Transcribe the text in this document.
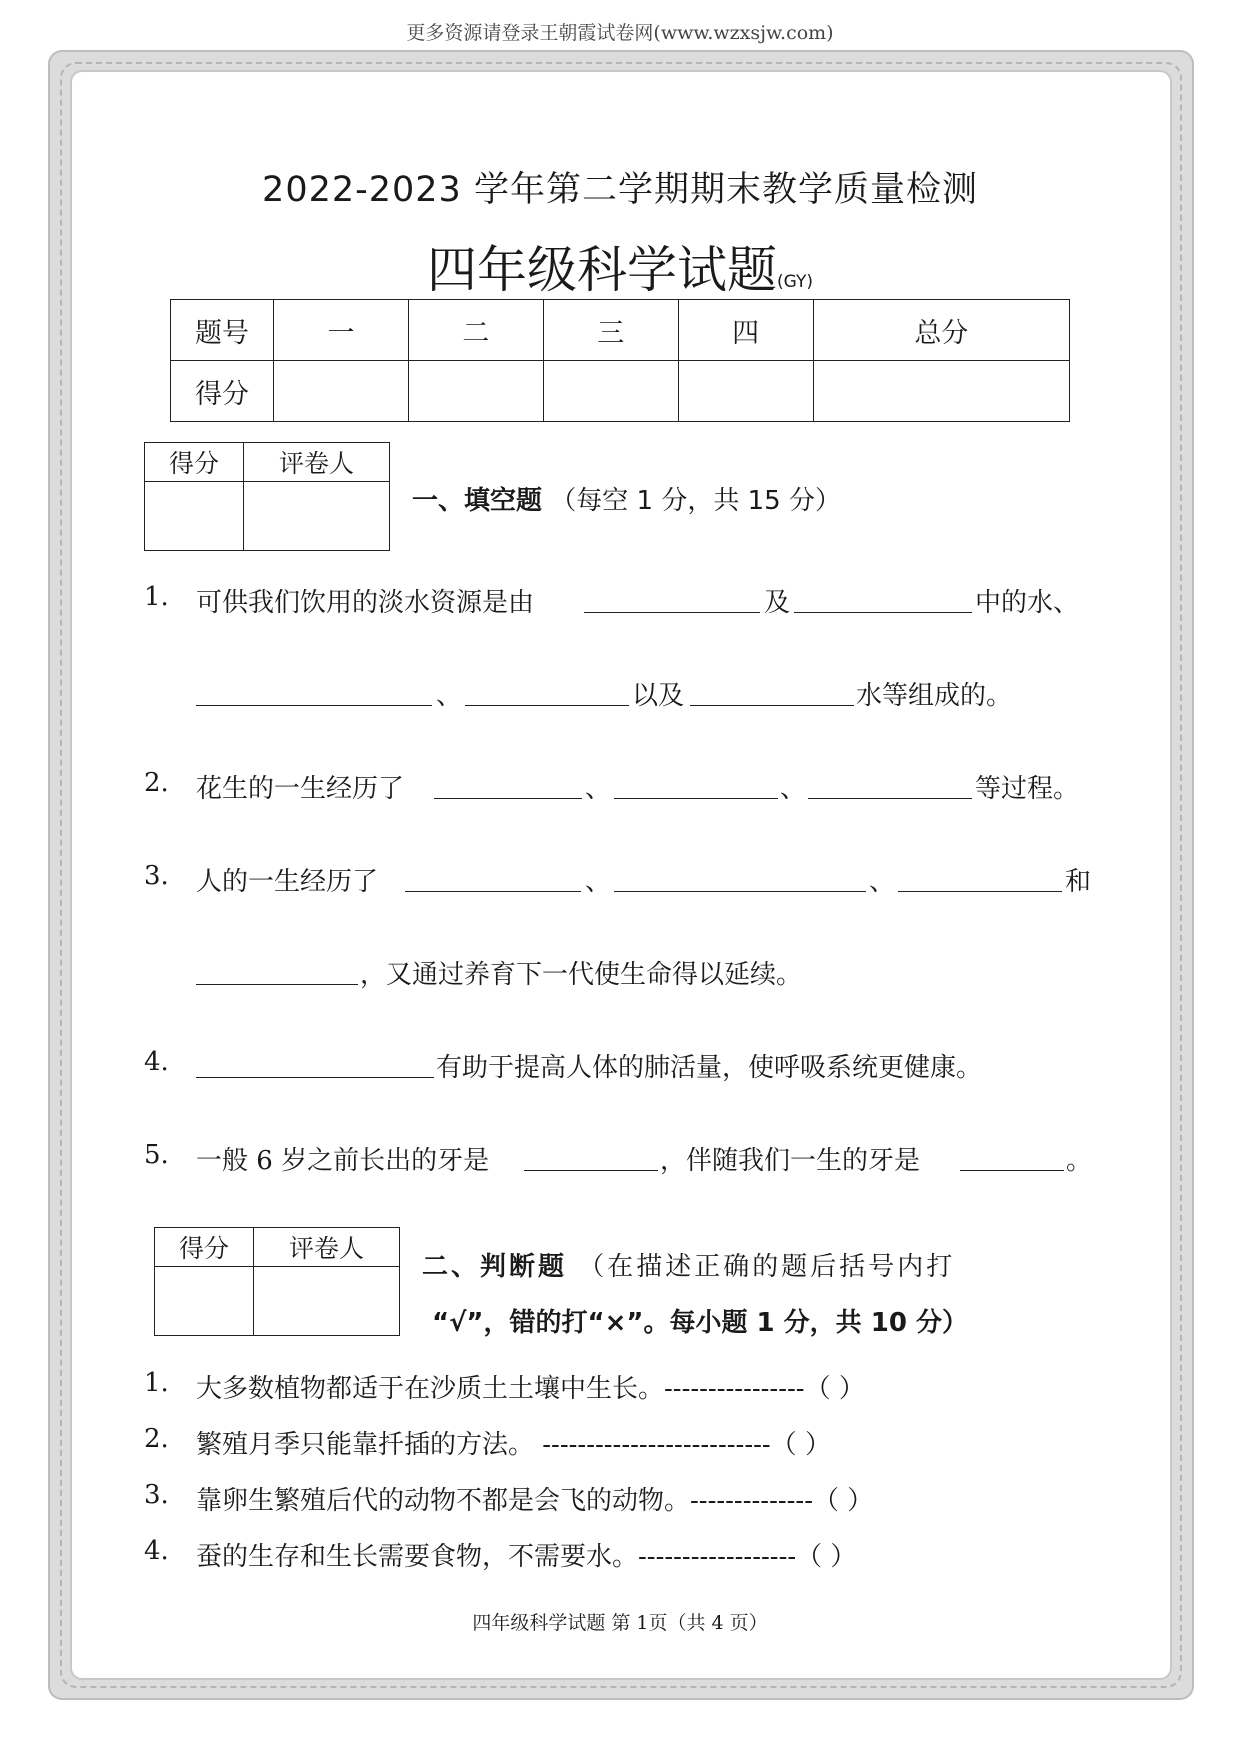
更多资源请登录王朝霞试卷网(www.wzxsjw.com)
2022-2023 学年第二学期期末教学质量检测
四年级科学试题(GY)
题号	一	二	三	四	总分
得分					
得分	评卷人

一、填空题 （每空 1 分，共 15 分）
1. 可供我们饮用的淡水资源是由	及	中的水、
、	以及	水等组成的。
2. 花生的一生经历了	、	、	等过程。
3. 人的一生经历了	、	、	和
，又通过养育下一代使生命得以延续。
4.	有助于提高人体的肺活量，使呼吸系统更健康。
5. 一般 6 岁之前长出的牙是	，伴随我们一生的牙是	。
得分	评卷人

二、判断题 （在描述正确的题后括号内打
“√”，错的打“×”。每小题 1 分，共 10 分）
1. 大多数植物都适于在沙质土土壤中生长。----------------（ ）
2. 繁殖月季只能靠扦插的方法。 --------------------------（ ）
3. 靠卵生繁殖后代的动物不都是会飞的动物。--------------（ ）
4. 蚕的生存和生长需要食物，不需要水。------------------（ ）
四年级科学试题 第 1页（共 4 页）
